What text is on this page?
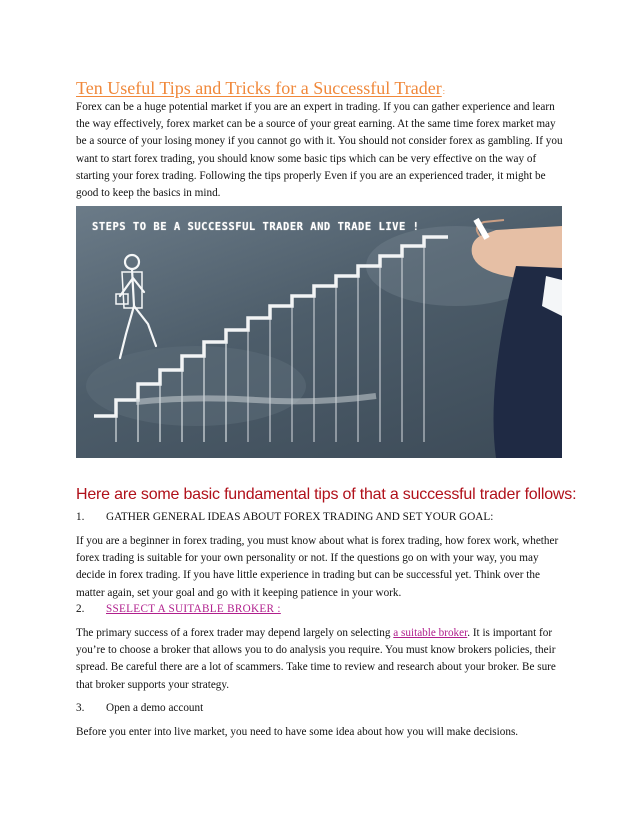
Ten Useful Tips and Tricks for a Successful Trader:

Forex can be a huge potential market if you are an expert in trading. If you can gather experience and learn the way effectively, forex market can be a source of your great earning. At the same time forex market may be a source of your losing money if you cannot go with it. You should not consider forex as gambling. If you want to start forex trading, you should know some basic tips which can be very effective on the way of starting your forex trading. Following the tips properly Even if you are an experienced trader, it might be good to keep the basics in mind.

STEPS TO BE A SUCCESSFUL TRADER AND TRADE LIVE !
Here are some basic fundamental tips of that a successful trader follows:
1. GATHER GENERAL IDEAS ABOUT FOREX TRADING AND SET YOUR GOAL:

If you are a beginner in forex trading, you must know about what is forex trading, how forex work, whether forex trading is suitable for your own personality or not. If the questions go on with your way, you may decide in forex trading. If you have little experience in trading but can be successful yet. Think over the matter again, set your goal and go with it keeping patience in your work.

2. SSELECT A SUITABLE BROKER :

The primary success of a forex trader may depend largely on selecting a suitable broker. It is important for you’re to choose a broker that allows you to do analysis you require. You must know brokers policies, their spread. Be careful there are a lot of scammers. Take time to review and research about your broker. Be sure that broker supports your strategy.

3. Open a demo account

Before you enter into live market, you need to have some idea about how you will make decisions.
